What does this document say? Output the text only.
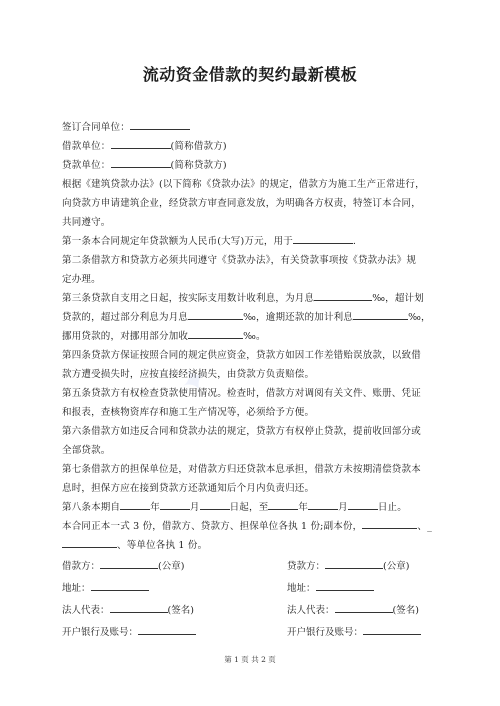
流动资金借款的契约最新模板
✦
签订合同单位：
借款单位：	(简称借款方)
贷款单位：	(简称贷款方)
根据《建筑贷款办法》(以下简称《贷款办法》的规定，借款方为施工生产正常进行，
向贷款方申请建筑企业，经贷款方审查同意发放，为明确各方权责，特签订本合同，
共同遵守。
第一条本合同规定年贷款额为人民币(大写)万元，用于	.
第二条借款方和贷款方必须共同遵守《贷款办法》，有关贷款事项按《贷款办法》规
定办理。
第三条贷款自支用之日起，按实际支用数计收利息，为月息	‰，超计划
贷款的，超过部分利息为月息	‰，逾期还款的加计利息	‰，
挪用贷款的，对挪用部分加收	‰。
第四条贷款方保证按照合同的规定供应资金，贷款方如因工作差错贻误放款，以致借
款方遭受损失时，应按直接经济损失，由贷款方负责赔偿。
第五条贷款方有权检查贷款使用情况。检查时，借款方对调阅有关文件、账册、凭证
和报表，查核物资库存和施工生产情况等，必须给予方便。
第六条借款方如违反合同和贷款办法的规定，贷款方有权停止贷款，提前收回部分或
全部贷款。
第七条借款方的担保单位是，对借款方归还贷款本息承担，借款方未按期清偿贷款本
息时，担保方应在接到贷款方还款通知后个月内负责归还。
第八条本期自	年	月	日起，至	年	月	日止。
本合同正本一式 3 份，借款方、贷款方、担保单位各执 1 份;副本份，	、_
、等单位各执 1 份。
借款方：	(公章)	贷款方：	(公章)
地址：	地址：
法人代表：	(签名)	法人代表：	(签名)
开户银行及账号：	开户银行及账号：
第 1 页 共 2 页
